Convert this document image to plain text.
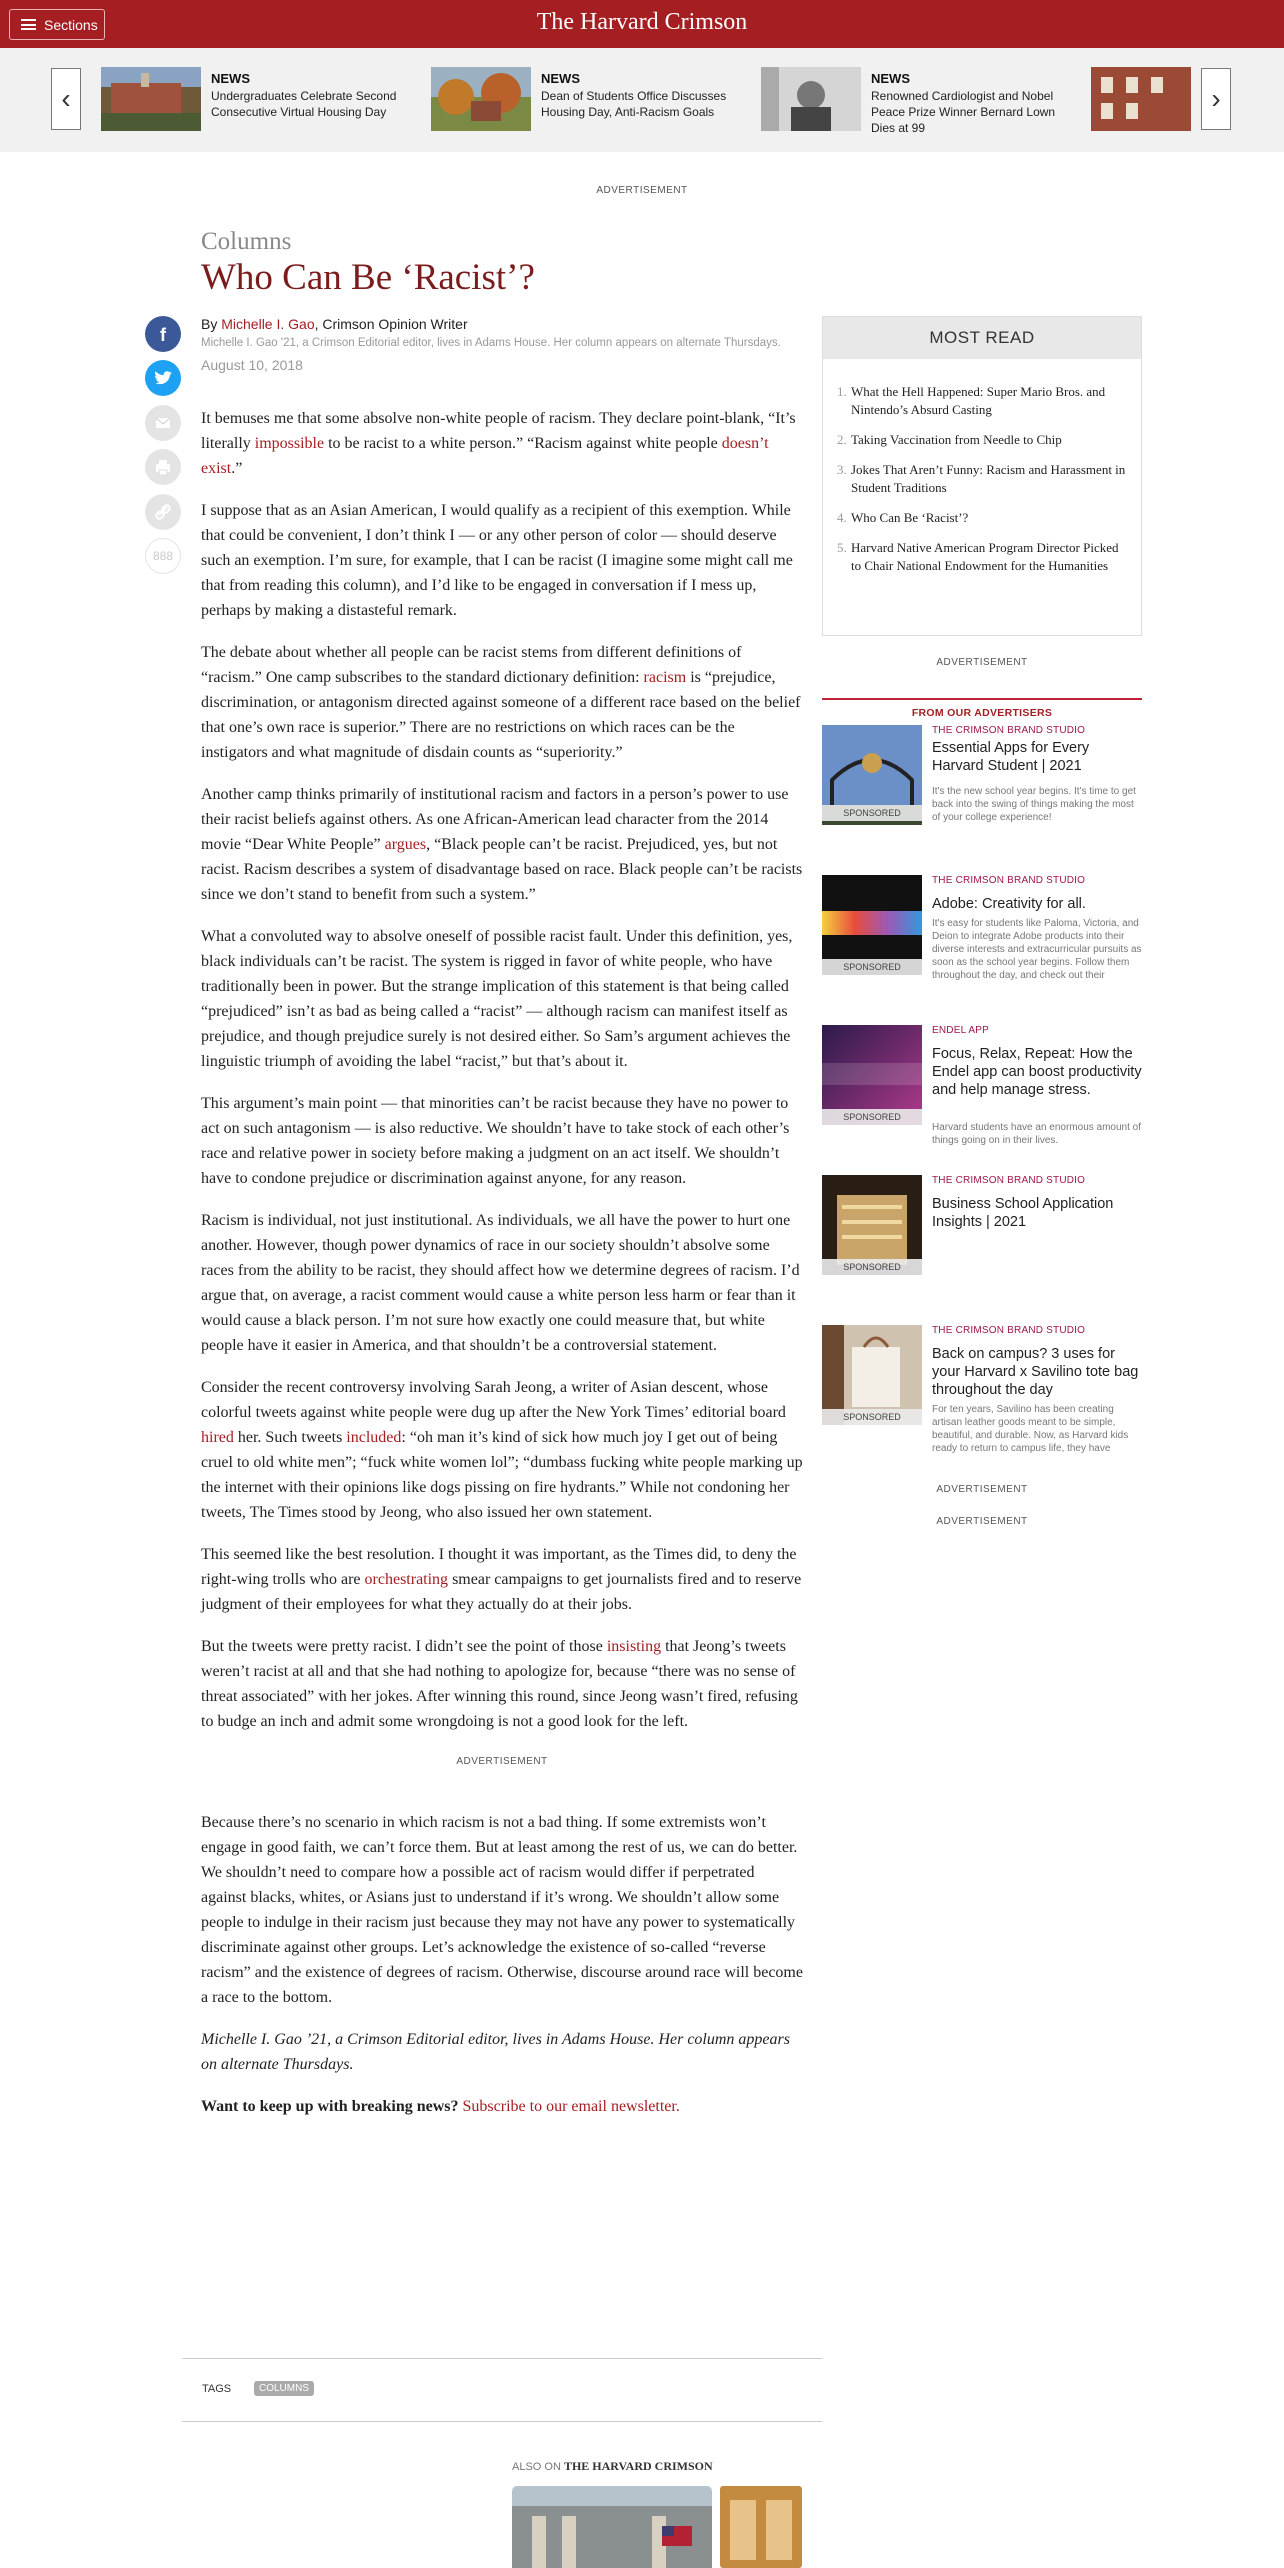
Sections	The Harvard Crimson
‹
NEWS
Undergraduates Celebrate Second Consecutive Virtual Housing Day
NEWS
Dean of Students Office Discusses Housing Day, Anti-Racism Goals
NEWS
Renowned Cardiologist and Nobel Peace Prize Winner Bernard Lown Dies at 99
›
ADVERTISEMENT
Columns
Who Can Be ‘Racist’?
f
888
By Michelle I. Gao, Crimson Opinion Writer
Michelle I. Gao '21, a Crimson Editorial editor, lives in Adams House. Her column appears on alternate Thursdays.
August 10, 2018

It bemuses me that some absolve non-white people of racism. They declare point-blank, “It’s literally impossible to be racist to a white person.” “Racism against white people doesn’t exist.”

I suppose that as an Asian American, I would qualify as a recipient of this exemption. While that could be convenient, I don’t think I — or any other person of color — should deserve such an exemption. I’m sure, for example, that I can be racist (I imagine some might call me that from reading this column), and I’d like to be engaged in conversation if I mess up, perhaps by making a distasteful remark.

The debate about whether all people can be racist stems from different definitions of “racism.” One camp subscribes to the standard dictionary definition: racism is “prejudice, discrimination, or antagonism directed against someone of a different race based on the belief that one’s own race is superior.” There are no restrictions on which races can be the instigators and what magnitude of disdain counts as “superiority.”

Another camp thinks primarily of institutional racism and factors in a person’s power to use their racist beliefs against others. As one African-American lead character from the 2014 movie “Dear White People” argues, “Black people can’t be racist. Prejudiced, yes, but not racist. Racism describes a system of disadvantage based on race. Black people can’t be racists since we don’t stand to benefit from such a system.”

What a convoluted way to absolve oneself of possible racist fault. Under this definition, yes, black individuals can’t be racist. The system is rigged in favor of white people, who have traditionally been in power. But the strange implication of this statement is that being called “prejudiced” isn’t as bad as being called a “racist” — although racism can manifest itself as prejudice, and though prejudice surely is not desired either. So Sam’s argument achieves the linguistic triumph of avoiding the label “racist,” but that’s about it.

This argument’s main point — that minorities can’t be racist because they have no power to act on such antagonism — is also reductive. We shouldn’t have to take stock of each other’s race and relative power in society before making a judgment on an act itself. We shouldn’t have to condone prejudice or discrimination against anyone, for any reason.

Racism is individual, not just institutional. As individuals, we all have the power to hurt one another. However, though power dynamics of race in our society shouldn’t absolve some races from the ability to be racist, they should affect how we determine degrees of racism. I’d argue that, on average, a racist comment would cause a white person less harm or fear than it would cause a black person. I’m not sure how exactly one could measure that, but white people have it easier in America, and that shouldn’t be a controversial statement.

Consider the recent controversy involving Sarah Jeong, a writer of Asian descent, whose colorful tweets against white people were dug up after the New York Times’ editorial board hired her. Such tweets included: “oh man it’s kind of sick how much joy I get out of being cruel to old white men”; “fuck white women lol”; “dumbass fucking white people marking up the internet with their opinions like dogs pissing on fire hydrants.” While not condoning her tweets, The Times stood by Jeong, who also issued her own statement.

This seemed like the best resolution. I thought it was important, as the Times did, to deny the right-wing trolls who are orchestrating smear campaigns to get journalists fired and to reserve judgment of their employees for what they actually do at their jobs.

But the tweets were pretty racist. I didn’t see the point of those insisting that Jeong’s tweets weren’t racist at all and that she had nothing to apologize for, because “there was no sense of threat associated” with her jokes. After winning this round, since Jeong wasn’t fired, refusing to budge an inch and admit some wrongdoing is not a good look for the left.

ADVERTISEMENT

Because there’s no scenario in which racism is not a bad thing. If some extremists won’t engage in good faith, we can’t force them. But at least among the rest of us, we can do better. We shouldn’t need to compare how a possible act of racism would differ if perpetrated against blacks, whites, or Asians just to understand if it’s wrong. We shouldn’t allow some people to indulge in their racism just because they may not have any power to systematically discriminate against other groups. Let’s acknowledge the existence of so-called “reverse racism” and the existence of degrees of racism. Otherwise, discourse around race will become a race to the bottom.

Michelle I. Gao ’21, a Crimson Editorial editor, lives in Adams House. Her column appears on alternate Thursdays.

Want to keep up with breaking news? Subscribe to our email newsletter.

MOST READ
1. What the Hell Happened: Super Mario Bros. and Nintendo’s Absurd Casting
2. Taking Vaccination from Needle to Chip
3. Jokes That Aren’t Funny: Racism and Harassment in Student Traditions
4. Who Can Be ‘Racist’?
5. Harvard Native American Program Director Picked to Chair National Endowment for the Humanities
ADVERTISEMENT
FROM OUR ADVERTISERS
SPONSORED
THE CRIMSON BRAND STUDIO
Essential Apps for Every Harvard Student | 2021
It's the new school year begins. It's time to get back into the swing of things making the most of your college experience!
SPONSORED
THE CRIMSON BRAND STUDIO
Adobe: Creativity for all.
It's easy for students like Paloma, Victoria, and Deion to integrate Adobe products into their diverse interests and extracurricular pursuits as soon as the school year begins. Follow them throughout the day, and check out their
SPONSORED
ENDEL APP
Focus, Relax, Repeat: How the Endel app can boost productivity and help manage stress.
Harvard students have an enormous amount of things going on in their lives.
SPONSORED
THE CRIMSON BRAND STUDIO
Business School Application Insights | 2021
SPONSORED
THE CRIMSON BRAND STUDIO
Back on campus? 3 uses for your Harvard x Savilino tote bag throughout the day
For ten years, Savilino has been creating artisan leather goods meant to be simple, beautiful, and durable. Now, as Harvard kids ready to return to campus life, they have
ADVERTISEMENT
ADVERTISEMENT
TAGS	COLUMNS
ALSO ON THE HARVARD CRIMSON
